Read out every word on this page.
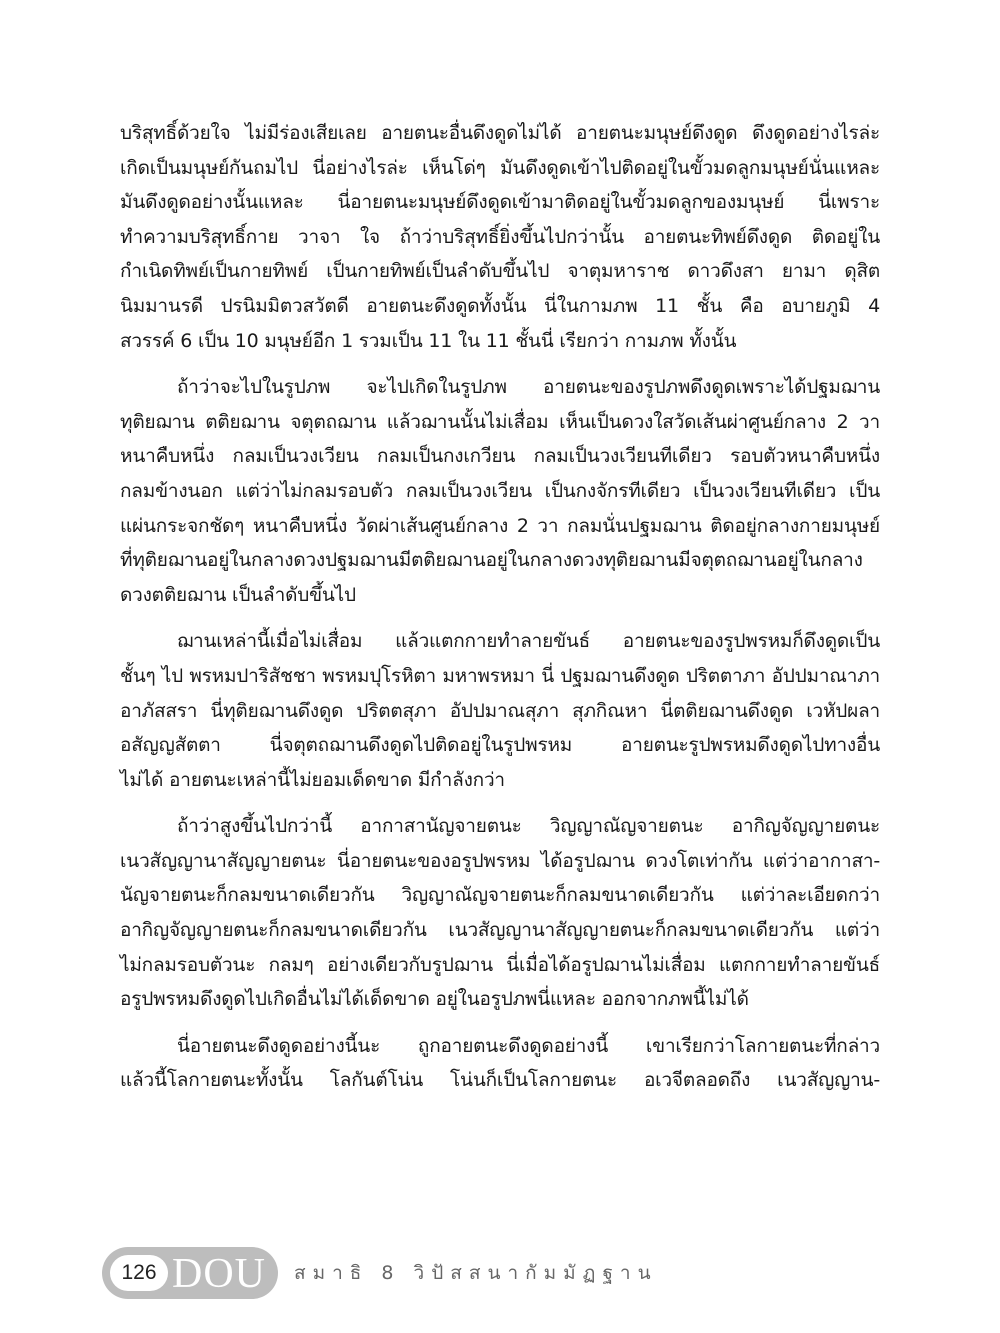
บริสุทธิ์ด้วยใจ ไม่มีร่องเสียเลย อายตนะอื่นดึงดูดไม่ได้ อายตนะมนุษย์ดึงดูด ดึงดูดอย่างไรล่ะ
เกิดเป็นมนุษย์กันถมไป นี่อย่างไรล่ะ เห็นโด่ๆ มันดึงดูดเข้าไปติดอยู่ในขั้วมดลูกมนุษย์นั่นแหละ
มันดึงดูดอย่างนั้นแหละ นี่อายตนะมนุษย์ดึงดูดเข้ามาติดอยู่ในขั้วมดลูกของมนุษย์ นี่เพราะ
ทำความบริสุทธิ์กาย วาจา ใจ ถ้าว่าบริสุทธิ์ยิ่งขึ้นไปกว่านั้น อายตนะทิพย์ดึงดูด ติดอยู่ใน
กำเนิดทิพย์เป็นกายทิพย์ เป็นกายทิพย์เป็นลำดับขึ้นไป จาตุมหาราช ดาวดึงสา ยามา ดุสิต
นิมมานรดี ปรนิมมิตวสวัตดี อายตนะดึงดูดทั้งนั้น นี่ในกามภพ 11 ชั้น คือ อบายภูมิ 4
สวรรค์ 6 เป็น 10 มนุษย์อีก 1 รวมเป็น 11 ใน 11 ชั้นนี่ เรียกว่า กามภพ ทั้งนั้น
ถ้าว่าจะไปในรูปภพ จะไปเกิดในรูปภพ อายตนะของรูปภพดึงดูดเพราะได้ปฐมฌาน
ทุติยฌาน ตติยฌาน จตุตถฌาน แล้วฌานนั้นไม่เสื่อม เห็นเป็นดวงใสวัดเส้นผ่าศูนย์กลาง 2 วา
หนาคืบหนึ่ง กลมเป็นวงเวียน กลมเป็นกงเกวียน กลมเป็นวงเวียนทีเดียว รอบตัวหนาคืบหนึ่ง
กลมข้างนอก แต่ว่าไม่กลมรอบตัว กลมเป็นวงเวียน เป็นกงจักรทีเดียว เป็นวงเวียนทีเดียว เป็น
แผ่นกระจกชัดๆ หนาคืบหนึ่ง วัดผ่าเส้นศูนย์กลาง 2 วา กลมนั่นปฐมฌาน ติดอยู่กลางกายมนุษย์
ที่ทุติยฌานอยู่ในกลางดวงปฐมฌานมีตติยฌานอยู่ในกลางดวงทุติยฌานมีจตุตถฌานอยู่ในกลาง
ดวงตติยฌาน เป็นลำดับขึ้นไป
ฌานเหล่านี้เมื่อไม่เสื่อม แล้วแตกกายทำลายขันธ์ อายตนะของรูปพรหมก็ดึงดูดเป็น
ชั้นๆ ไป พรหมปาริสัชชา พรหมปุโรหิตา มหาพรหมา นี่ ปฐมฌานดึงดูด ปริตตาภา อัปปมาณาภา
อาภัสสรา นี่ทุติยฌานดึงดูด ปริตตสุภา อัปปมาณสุภา สุภกิณหา นี่ตติยฌานดึงดูด เวหัปผลา
อสัญญสัตตา นี่จตุตถฌานดึงดูดไปติดอยู่ในรูปพรหม อายตนะรูปพรหมดึงดูดไปทางอื่น
ไม่ได้ อายตนะเหล่านี้ไม่ยอมเด็ดขาด มีกำลังกว่า
ถ้าว่าสูงขึ้นไปกว่านี้ อากาสานัญจายตนะ วิญญาณัญจายตนะ อากิญจัญญายตนะ
เนวสัญญานาสัญญายตนะ นี่อายตนะของอรูปพรหม ได้อรูปฌาน ดวงโตเท่ากัน แต่ว่าอากาสา-
นัญจายตนะก็กลมขนาดเดียวกัน วิญญาณัญจายตนะก็กลมขนาดเดียวกัน แต่ว่าละเอียดกว่า
อากิญจัญญายตนะก็กลมขนาดเดียวกัน เนวสัญญานาสัญญายตนะก็กลมขนาดเดียวกัน แต่ว่า
ไม่กลมรอบตัวนะ กลมๆ อย่างเดียวกับรูปฌาน นี่เมื่อได้อรูปฌานไม่เสื่อม แตกกายทำลายขันธ์
อรูปพรหมดึงดูดไปเกิดอื่นไม่ได้เด็ดขาด อยู่ในอรูปภพนี่แหละ ออกจากภพนี้ไม่ได้
นี่อายตนะดึงดูดอย่างนี้นะ ถูกอายตนะดึงดูดอย่างนี้ เขาเรียกว่าโลกายตนะที่กล่าว
แล้วนี้โลกายตนะทั้งนั้น โลกันต์โน่น โน่นก็เป็นโลกายตนะ อเวจีตลอดถึง เนวสัญญาน-
126 DOU สมาธิ 8 วิปัสสนากัมมัฏฐาน
